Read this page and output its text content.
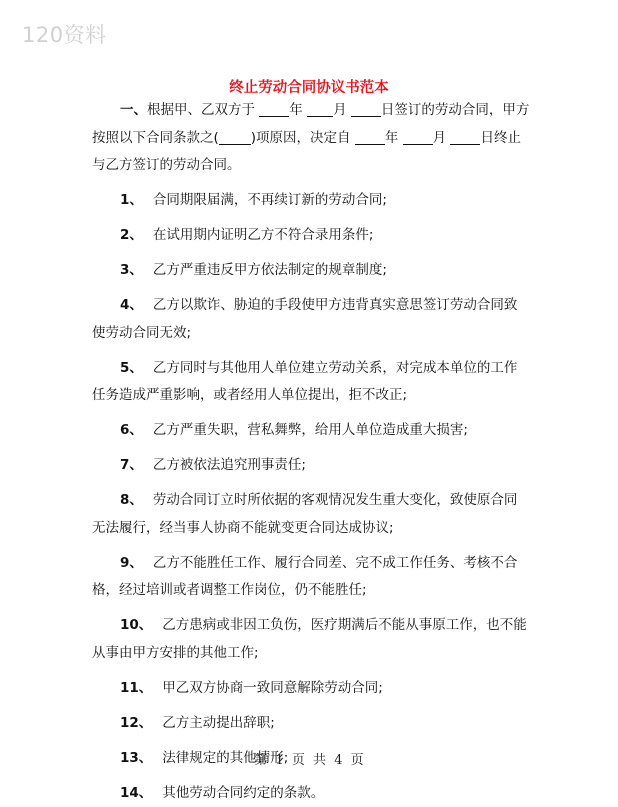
120资料
终止劳动合同协议书范本

一、根据甲、乙双方于	年 月	日签订的劳动合同，甲方按照以下合同条款之( )项原因，决定自	年	月	日终止与乙方签订的劳动合同。

1、 合同期限届满，不再续订新的劳动合同;

2、 在试用期内证明乙方不符合录用条件;

3、 乙方严重违反甲方依法制定的规章制度;

4、 乙方以欺诈、胁迫的手段使甲方违背真实意思签订劳动合同致使劳动合同无效;

5、 乙方同时与其他用人单位建立劳动关系，对完成本单位的工作任务造成严重影响，或者经用人单位提出，拒不改正;

6、 乙方严重失职，营私舞弊，给用人单位造成重大损害;

7、 乙方被依法追究刑事责任;

8、 劳动合同订立时所依据的客观情况发生重大变化，致使原合同无法履行，经当事人协商不能就变更合同达成协议;

9、 乙方不能胜任工作、履行合同差、完不成工作任务、考核不合格，经过培训或者调整工作岗位，仍不能胜任;

10、 乙方患病或非因工负伤，医疗期满后不能从事原工作，也不能从事由甲方安排的其他工作;

11、 甲乙双方协商一致同意解除劳动合同;

12、 乙方主动提出辞职;

13、 法律规定的其他情形;

14、 其他劳动合同约定的条款。

第 1 页 共 4 页
